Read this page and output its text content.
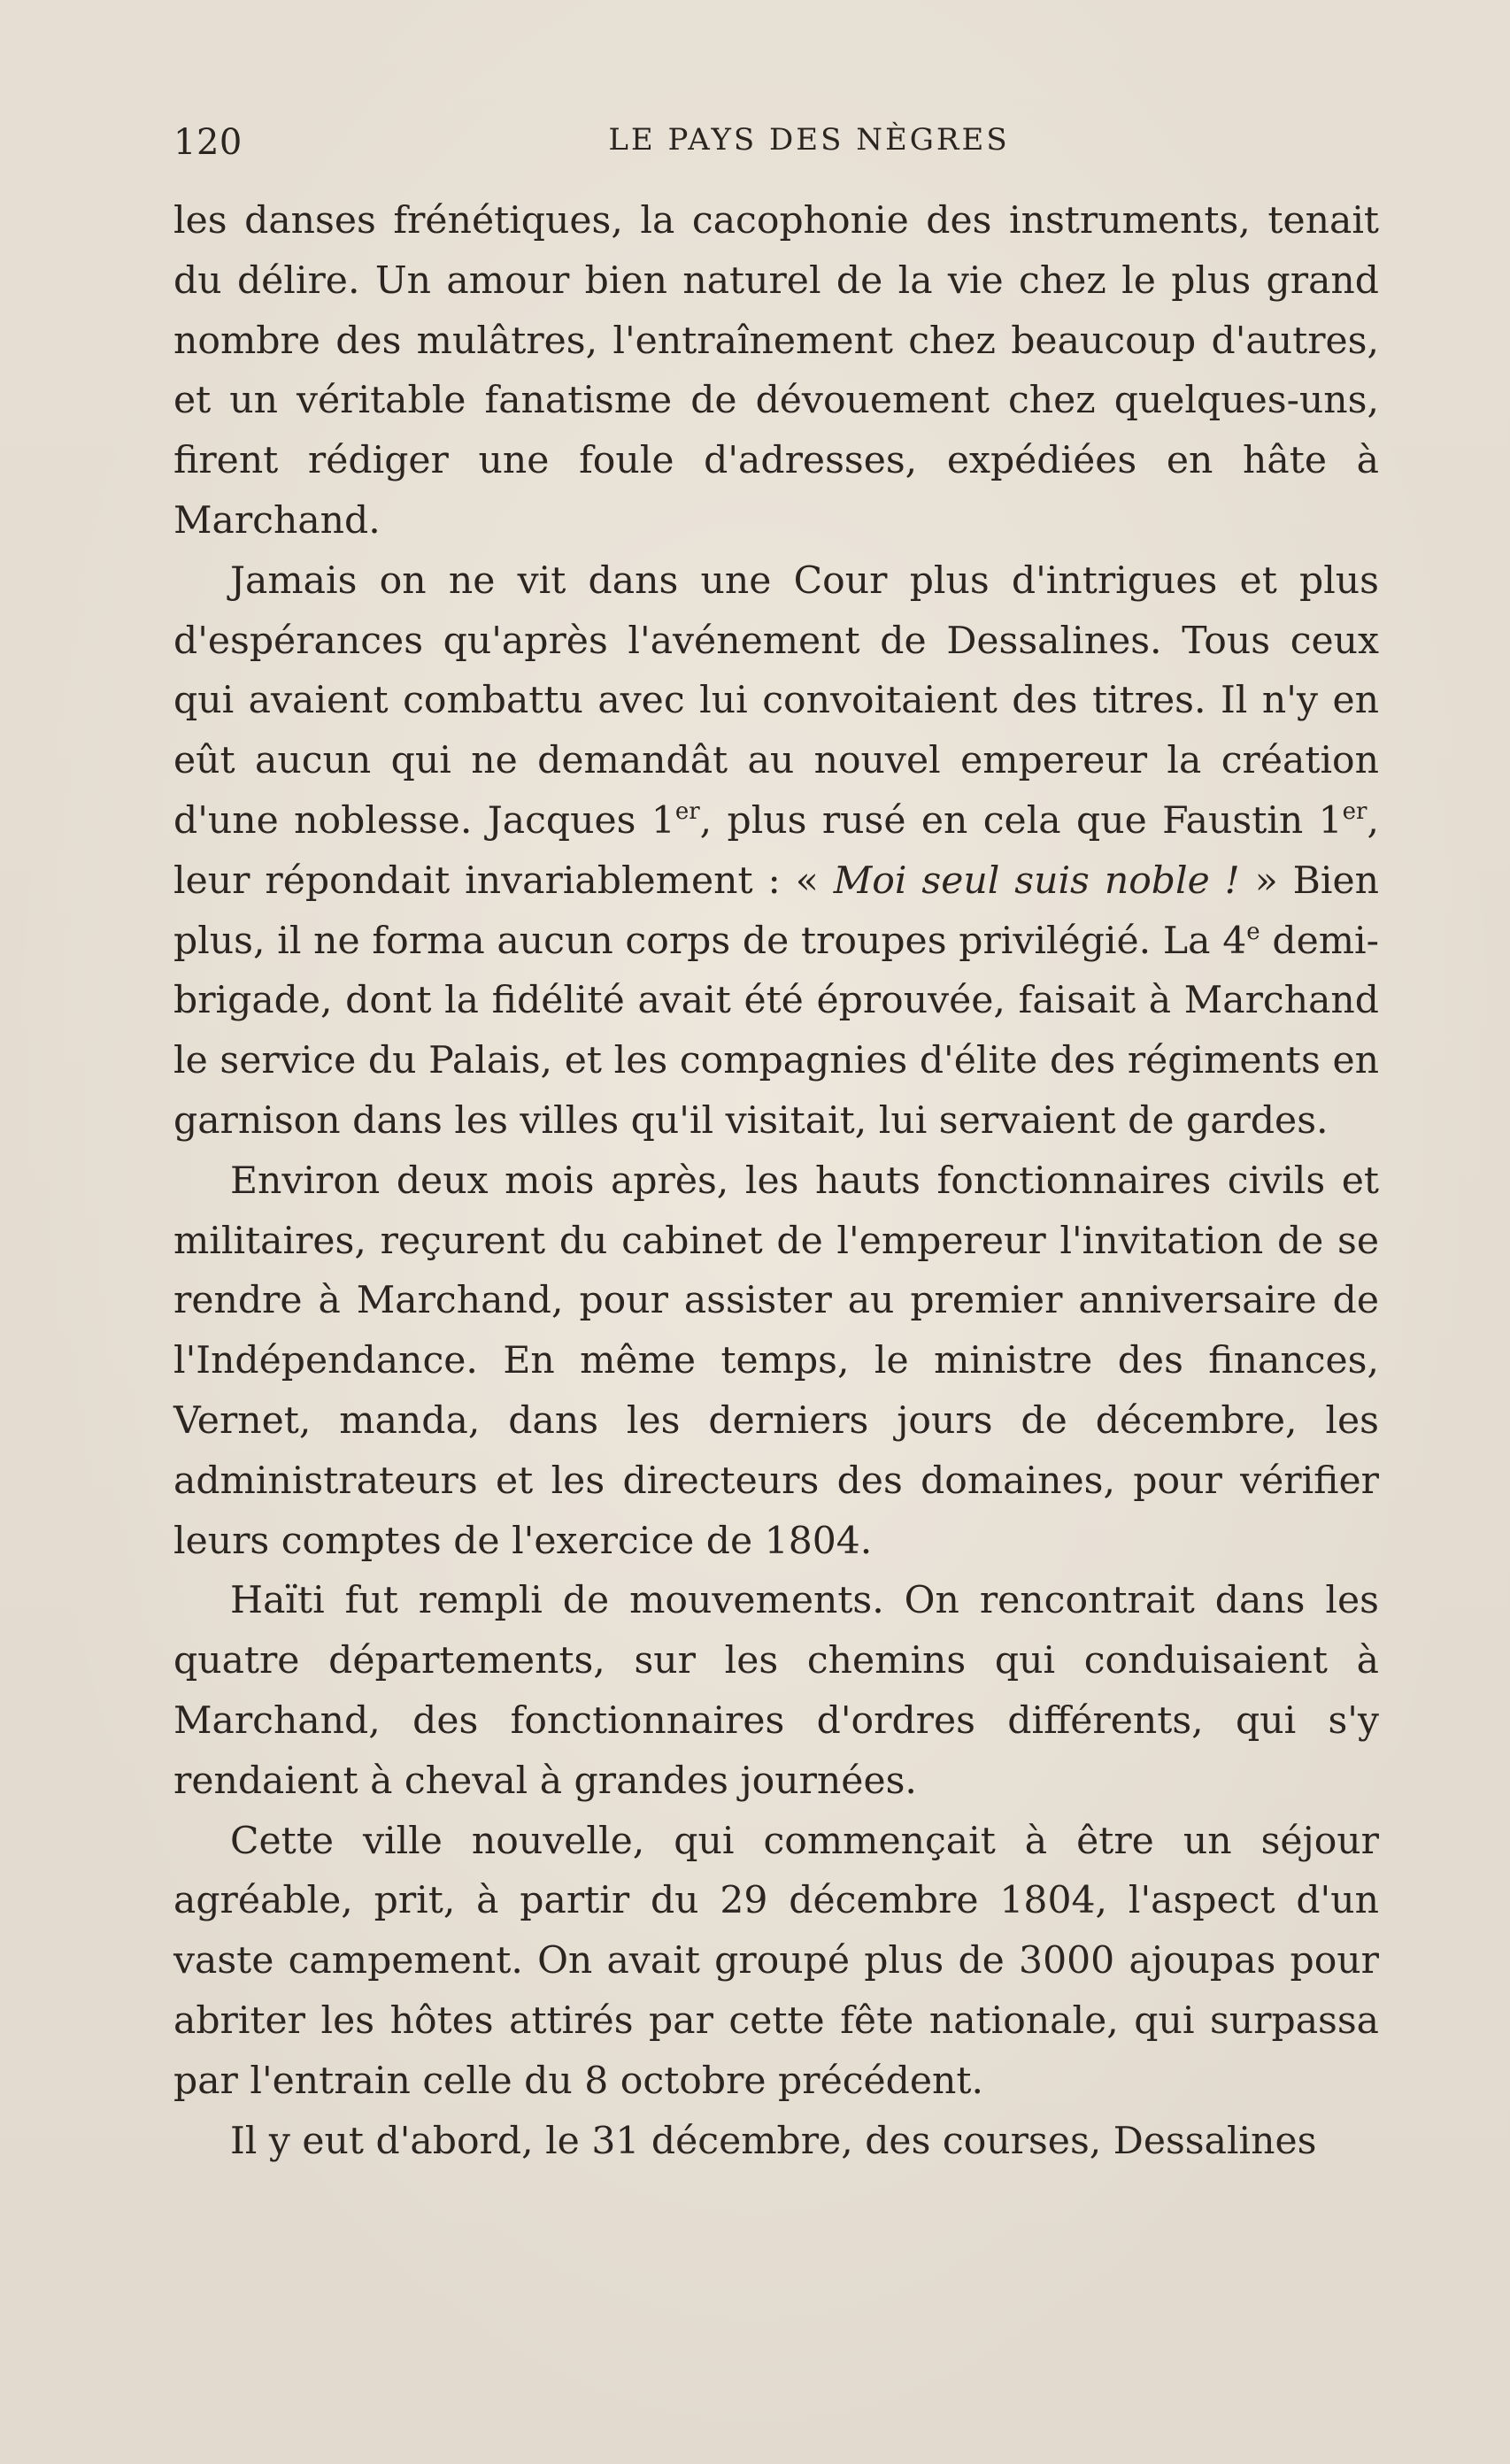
120	LE PAYS DES NÈGRES

les danses frénétiques, la cacophonie des instruments, tenait du délire. Un amour bien naturel de la vie chez le plus grand nombre des mulâtres, l'entraînement chez beaucoup d'autres, et un véritable fanatisme de dévouement chez quelques-uns, firent rédiger une foule d'adresses, expédiées en hâte à Marchand.

Jamais on ne vit dans une Cour plus d'intrigues et plus d'espérances qu'après l'avénement de Dessalines. Tous ceux qui avaient combattu avec lui convoitaient des titres. Il n'y en eût aucun qui ne demandât au nouvel empereur la création d'une noblesse. Jacques 1er, plus rusé en cela que Faustin 1er, leur répondait invariablement : « Moi seul suis noble ! » Bien plus, il ne forma aucun corps de troupes privilégié. La 4e demi-brigade, dont la fidélité avait été éprouvée, faisait à Marchand le service du Palais, et les compagnies d'élite des régiments en garnison dans les villes qu'il visitait, lui servaient de gardes.

Environ deux mois après, les hauts fonctionnaires civils et militaires, reçurent du cabinet de l'empereur l'invitation de se rendre à Marchand, pour assister au premier anniversaire de l'Indépendance. En même temps, le ministre des finances, Vernet, manda, dans les derniers jours de décembre, les administrateurs et les directeurs des domaines, pour vérifier leurs comptes de l'exercice de 1804.

Haïti fut rempli de mouvements. On rencontrait dans les quatre départements, sur les chemins qui conduisaient à Marchand, des fonctionnaires d'ordres différents, qui s'y rendaient à cheval à grandes journées.

Cette ville nouvelle, qui commençait à être un séjour agréable, prit, à partir du 29 décembre 1804, l'aspect d'un vaste campement. On avait groupé plus de 3000 ajoupas pour abriter les hôtes attirés par cette fête nationale, qui surpassa par l'entrain celle du 8 octobre précédent.

Il y eut d'abord, le 31 décembre, des courses, Dessalines
